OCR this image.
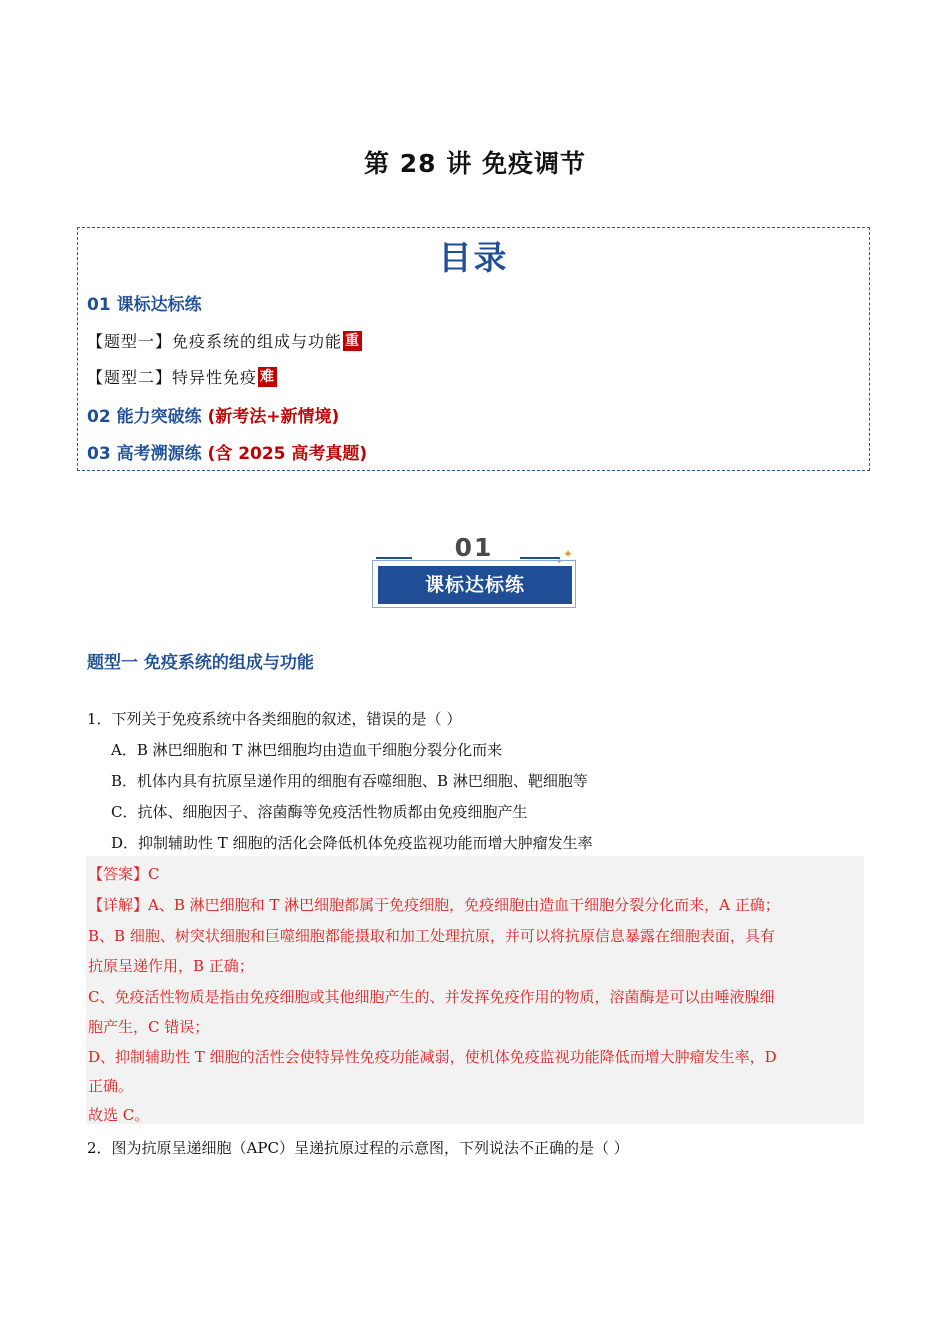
第 28 讲 免疫调节
目录
01 课标达标练
【题型一】免疫系统的组成与功能 重
【题型二】特异性免疫 难
02 能力突破练 (新考法+新情境)
03 高考溯源练 (含 2025 高考真题)
01	✦
✦
课标达标练
题型一 免疫系统的组成与功能
1．下列关于免疫系统中各类细胞的叙述，错误的是（ ）
A．B 淋巴细胞和 T 淋巴细胞均由造血干细胞分裂分化而来
B．机体内具有抗原呈递作用的细胞有吞噬细胞、B 淋巴细胞、靶细胞等
C．抗体、细胞因子、溶菌酶等免疫活性物质都由免疫细胞产生
D．抑制辅助性 T 细胞的活化会降低机体免疫监视功能而增大肿瘤发生率
【答案】C
【详解】A、B 淋巴细胞和 T 淋巴细胞都属于免疫细胞，免疫细胞由造血干细胞分裂分化而来，A 正确；
B、B 细胞、树突状细胞和巨噬细胞都能摄取和加工处理抗原，并可以将抗原信息暴露在细胞表面，具有
抗原呈递作用，B 正确；
C、免疫活性物质是指由免疫细胞或其他细胞产生的、并发挥免疫作用的物质，溶菌酶是可以由唾液腺细
胞产生，C 错误；
D、抑制辅助性 T 细胞的活性会使特异性免疫功能减弱，使机体免疫监视功能降低而增大肿瘤发生率，D
正确。
故选 C。
2．图为抗原呈递细胞（APC）呈递抗原过程的示意图，下列说法不正确的是（ ）
